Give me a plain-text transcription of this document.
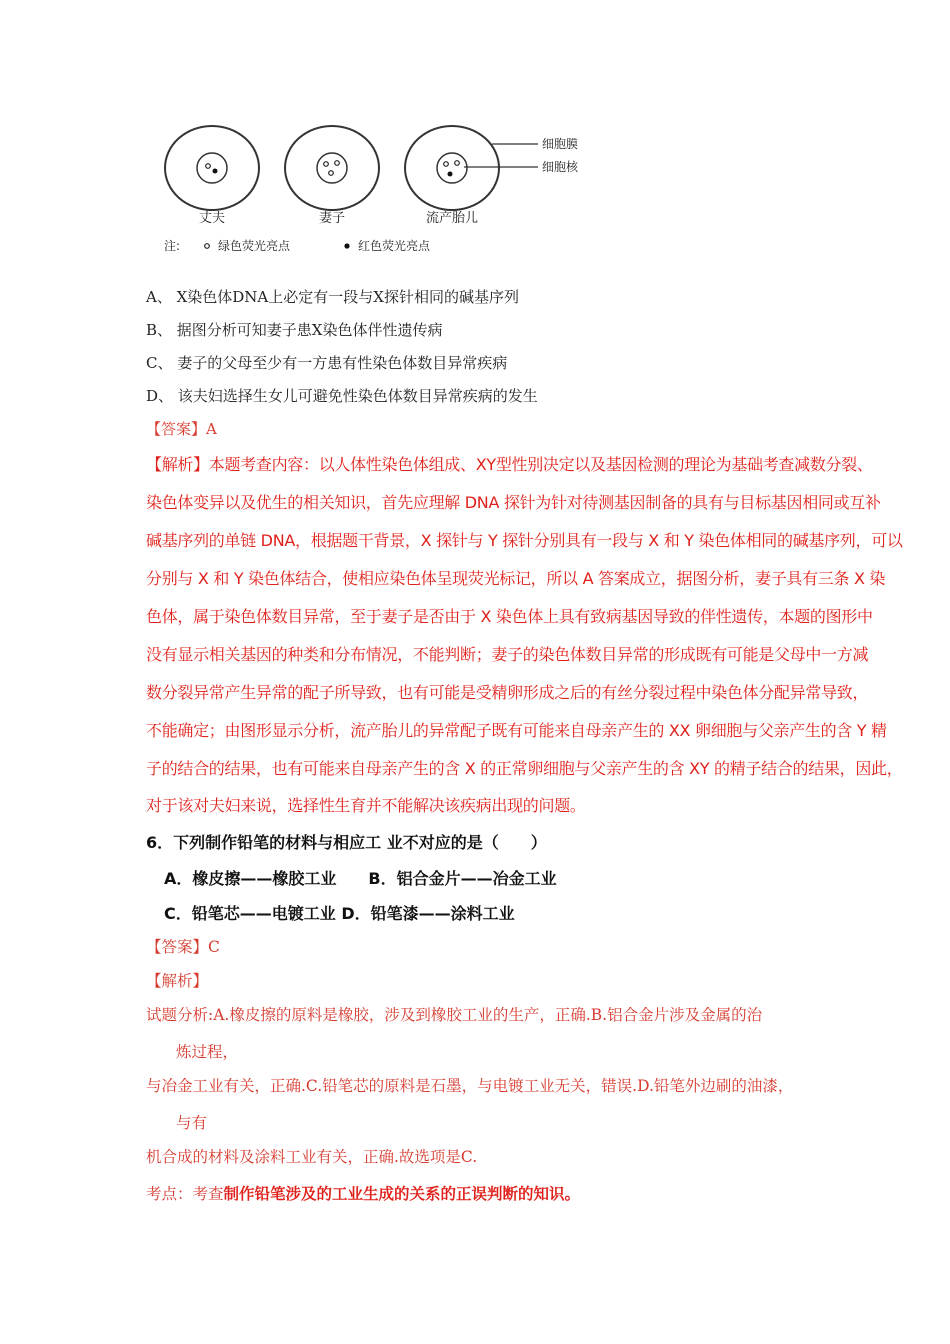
细胞膜
细胞核
丈夫	妻子	流产胎儿
注:	绿色荧光亮点	红色荧光亮点
A、 X染色体DNA上必定有一段与X探针相同的碱基序列
B、 据图分析可知妻子患X染色体伴性遗传病
C、 妻子的父母至少有一方患有性染色体数目异常疾病
D、 该夫妇选择生女儿可避免性染色体数目异常疾病的发生
【答案】A
【解析】本题考查内容：以人体性染色体组成、XY型性别决定以及基因检测的理论为基础考查减数分裂、
染色体变异以及优生的相关知识，首先应理解 DNA 探针为针对待测基因制备的具有与目标基因相同或互补
碱基序列的单链 DNA，根据题干背景，X 探针与 Y 探针分别具有一段与 X 和 Y 染色体相同的碱基序列，可以
分别与 X 和 Y 染色体结合，使相应染色体呈现荧光标记，所以 A 答案成立，据图分析，妻子具有三条 X 染
色体，属于染色体数目异常，至于妻子是否由于 X 染色体上具有致病基因导致的伴性遗传，本题的图形中
没有显示相关基因的种类和分布情况，不能判断；妻子的染色体数目异常的形成既有可能是父母中一方减
数分裂异常产生异常的配子所导致，也有可能是受精卵形成之后的有丝分裂过程中染色体分配异常导致，
不能确定；由图形显示分析，流产胎儿的异常配子既有可能来自母亲产生的 XX 卵细胞与父亲产生的含 Y 精
子的结合的结果，也有可能来自母亲产生的含 X 的正常卵细胞与父亲产生的含 XY 的精子结合的结果，因此，
对于该对夫妇来说，选择性生育并不能解决该疾病出现的问题。
6．下列制作铅笔的材料与相应工 业不对应的是（　　）
A．橡皮擦——橡胶工业　　B．铝合金片——冶金工业
C．铅笔芯——电镀工业 D．铅笔漆——涂料工业
【答案】C
【解析】
试题分析:A.橡皮擦的原料是橡胶，涉及到橡胶工业的生产，正确.B.铝合金片涉及金属的治
炼过程，
与冶金工业有关，正确.C.铅笔芯的原料是石墨，与电镀工业无关，错误.D.铅笔外边刷的油漆，
与有
机合成的材料及涂料工业有关，正确.故选项是C.
考点：考查制作铅笔涉及的工业生成的关系的正误判断的知识。
